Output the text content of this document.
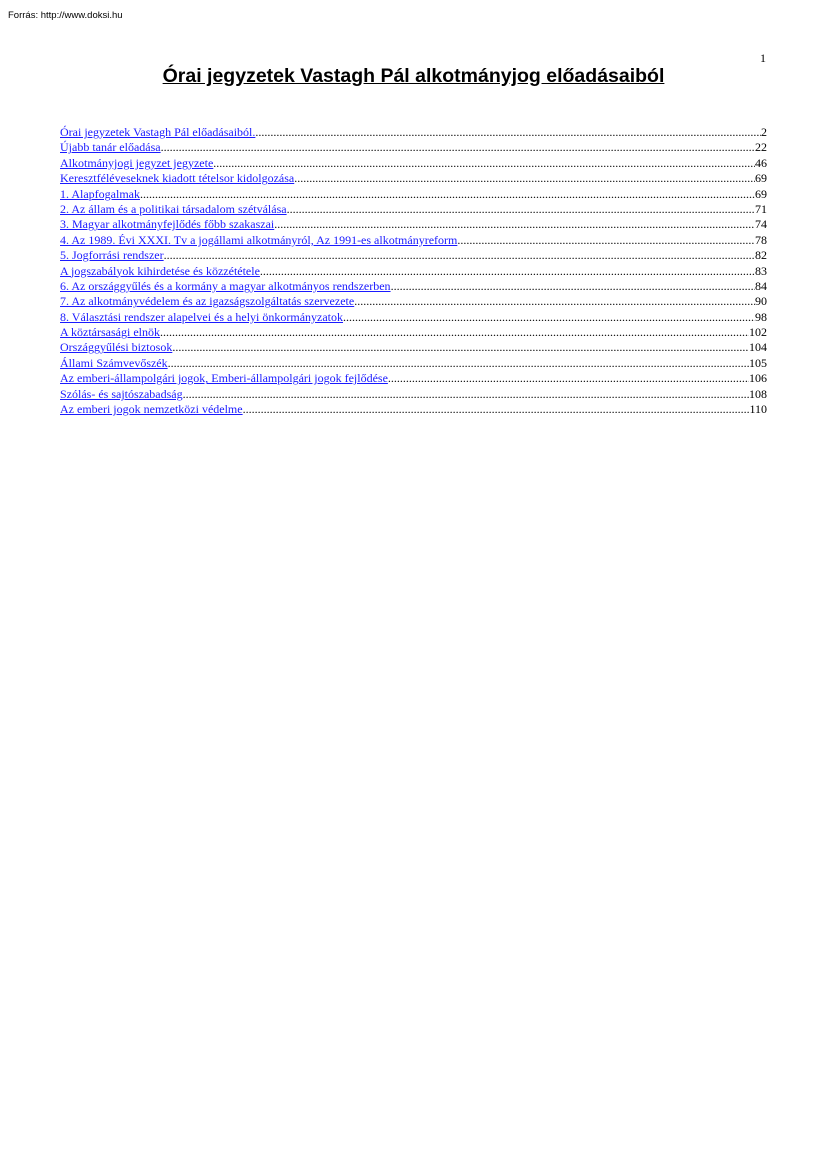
Forrás: http://www.doksi.hu
1
Órai jegyzetek Vastagh Pál alkotmányjog előadásaiból
Órai jegyzetek Vastagh Pál előadásaiból. .....	2
Újabb tanár előadása .....	22
Alkotmányjogi jegyzet jegyzete .....	46
Keresztféléveseknek kiadott tételsor kidolgozása .....	69
1. Alapfogalmak .....	69
2. Az állam és a politikai társadalom szétválása .....	71
3. Magyar alkotmányfejlődés főbb szakaszai .....	74
4. Az 1989. Évi XXXI. Tv a jogállami alkotmányról, Az 1991-es alkotmányreform .....	78
5. Jogforrási rendszer .....	82
A jogszabályok kihirdetése és közzététele .....	83
6. Az országgyűlés és a kormány a magyar alkotmányos rendszerben .....	84
7. Az alkotmányvédelem és az igazságszolgáltatás szervezete .....	90
8. Választási rendszer alapelvei és a helyi önkormányzatok .....	98
A köztársasági elnök .....	102
Országgyűlési biztosok .....	104
Állami Számvevőszék .....	105
Az emberi-állampolgári jogok, Emberi-állampolgári jogok fejlődése .....	106
Szólás- és sajtószabadság .....	108
Az emberi jogok nemzetközi védelme .....	110
